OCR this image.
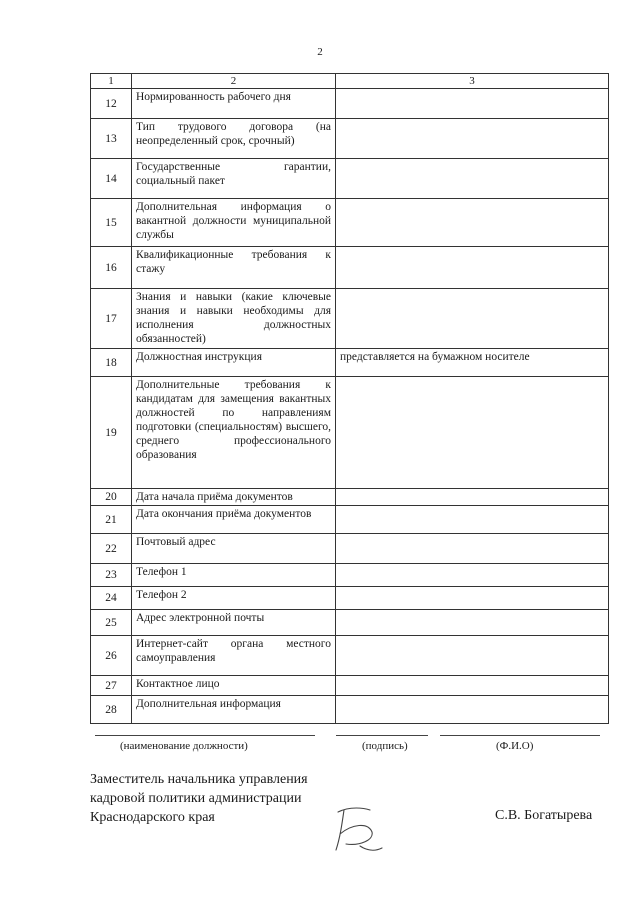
2
1	2	3
12	Нормированность рабочего дня	
13	Тип трудового договора (на неопределенный срок, срочный)	
14	Государственные гарантии, социальный пакет	
15	Дополнительная информация о вакантной должности муниципальной службы	
16	Квалификационные требования к стажу	
17	Знания и навыки (какие ключевые знания и навыки необходимы для исполнения должностных обязанностей)	
18	Должностная инструкция	представляется на бумажном носителе
19	Дополнительные требования к кандидатам для замещения вакантных должностей по направлениям подготовки (специальностям) высшего, среднего профессионального образования	
20	Дата начала приёма документов	
21	Дата окончания приёма документов	
22	Почтовый адрес	
23	Телефон 1	
24	Телефон 2	
25	Адрес электронной почты	
26	Интернет-сайт органа местного самоуправления	
27	Контактное лицо	
28	Дополнительная информация	
(наименование должности)	(подпись)	(Ф.И.О)
Заместитель начальника управления
кадровой политики администрации
Краснодарского края	С.В. Богатырева
